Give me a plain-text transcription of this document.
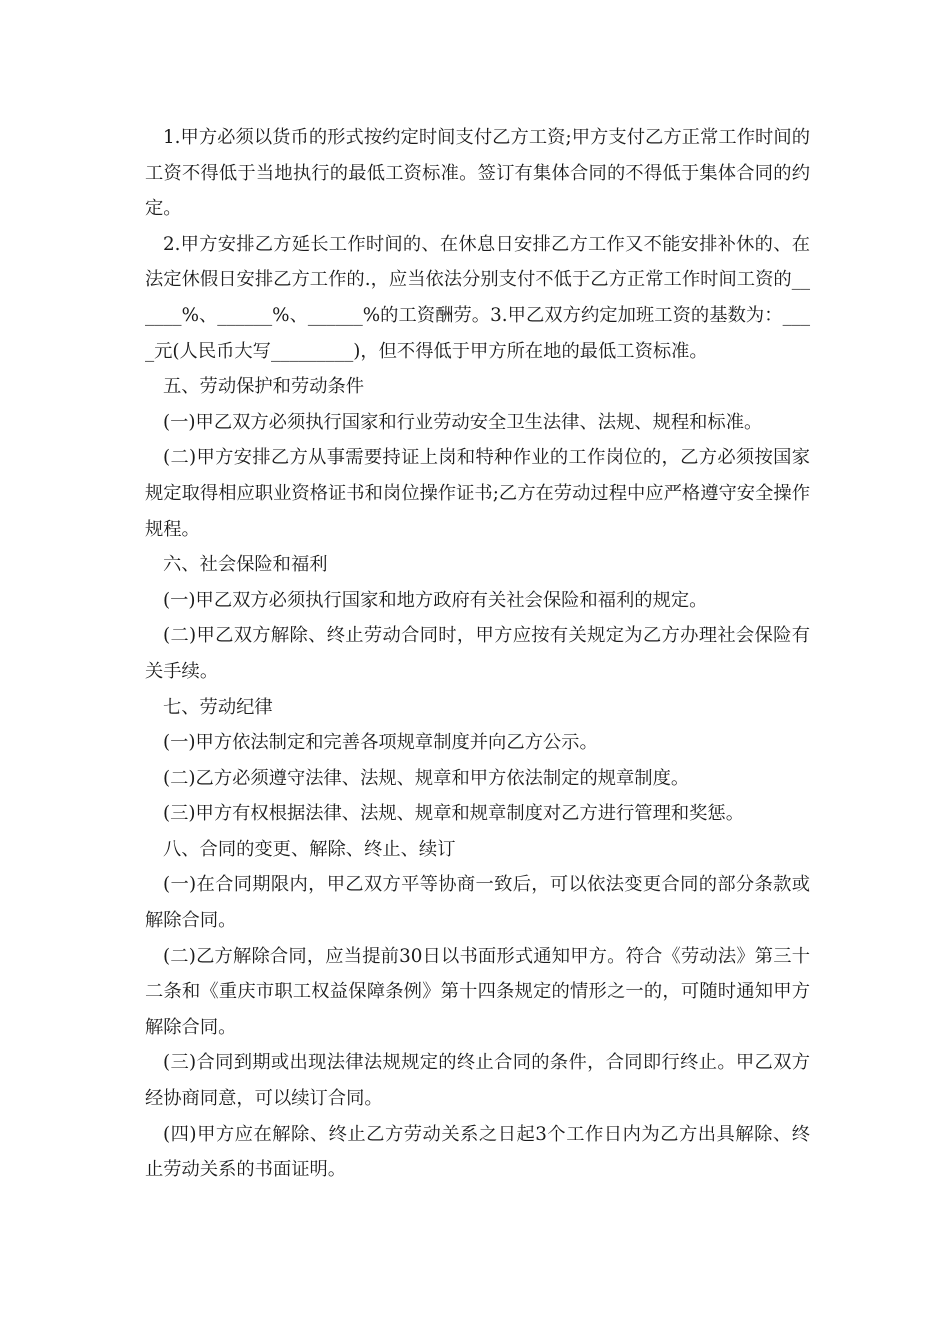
1.甲方必须以货币的形式按约定时间支付乙方工资;甲方支付乙方正常工作时间的工资不得低于当地执行的最低工资标准。签订有集体合同的不得低于集体合同的约定。

2.甲方安排乙方延长工作时间的、在休息日安排乙方工作又不能安排补休的、在法定休假日安排乙方工作的.，应当依法分别支付不低于乙方正常工作时间工资的______%、______%、______%的工资酬劳。3.甲乙双方约定加班工资的基数为：____元(人民币大写_________)，但不得低于甲方所在地的最低工资标准。

五、劳动保护和劳动条件

(一)甲乙双方必须执行国家和行业劳动安全卫生法律、法规、规程和标准。

(二)甲方安排乙方从事需要持证上岗和特种作业的工作岗位的，乙方必须按国家规定取得相应职业资格证书和岗位操作证书;乙方在劳动过程中应严格遵守安全操作规程。

六、社会保险和福利

(一)甲乙双方必须执行国家和地方政府有关社会保险和福利的规定。

(二)甲乙双方解除、终止劳动合同时，甲方应按有关规定为乙方办理社会保险有关手续。

七、劳动纪律

(一)甲方依法制定和完善各项规章制度并向乙方公示。

(二)乙方必须遵守法律、法规、规章和甲方依法制定的规章制度。

(三)甲方有权根据法律、法规、规章和规章制度对乙方进行管理和奖惩。

八、合同的变更、解除、终止、续订

(一)在合同期限内，甲乙双方平等协商一致后，可以依法变更合同的部分条款或解除合同。

(二)乙方解除合同，应当提前30日以书面形式通知甲方。符合《劳动法》第三十二条和《重庆市职工权益保障条例》第十四条规定的情形之一的，可随时通知甲方解除合同。

(三)合同到期或出现法律法规规定的终止合同的条件，合同即行终止。甲乙双方经协商同意，可以续订合同。

(四)甲方应在解除、终止乙方劳动关系之日起3个工作日内为乙方出具解除、终止劳动关系的书面证明。
